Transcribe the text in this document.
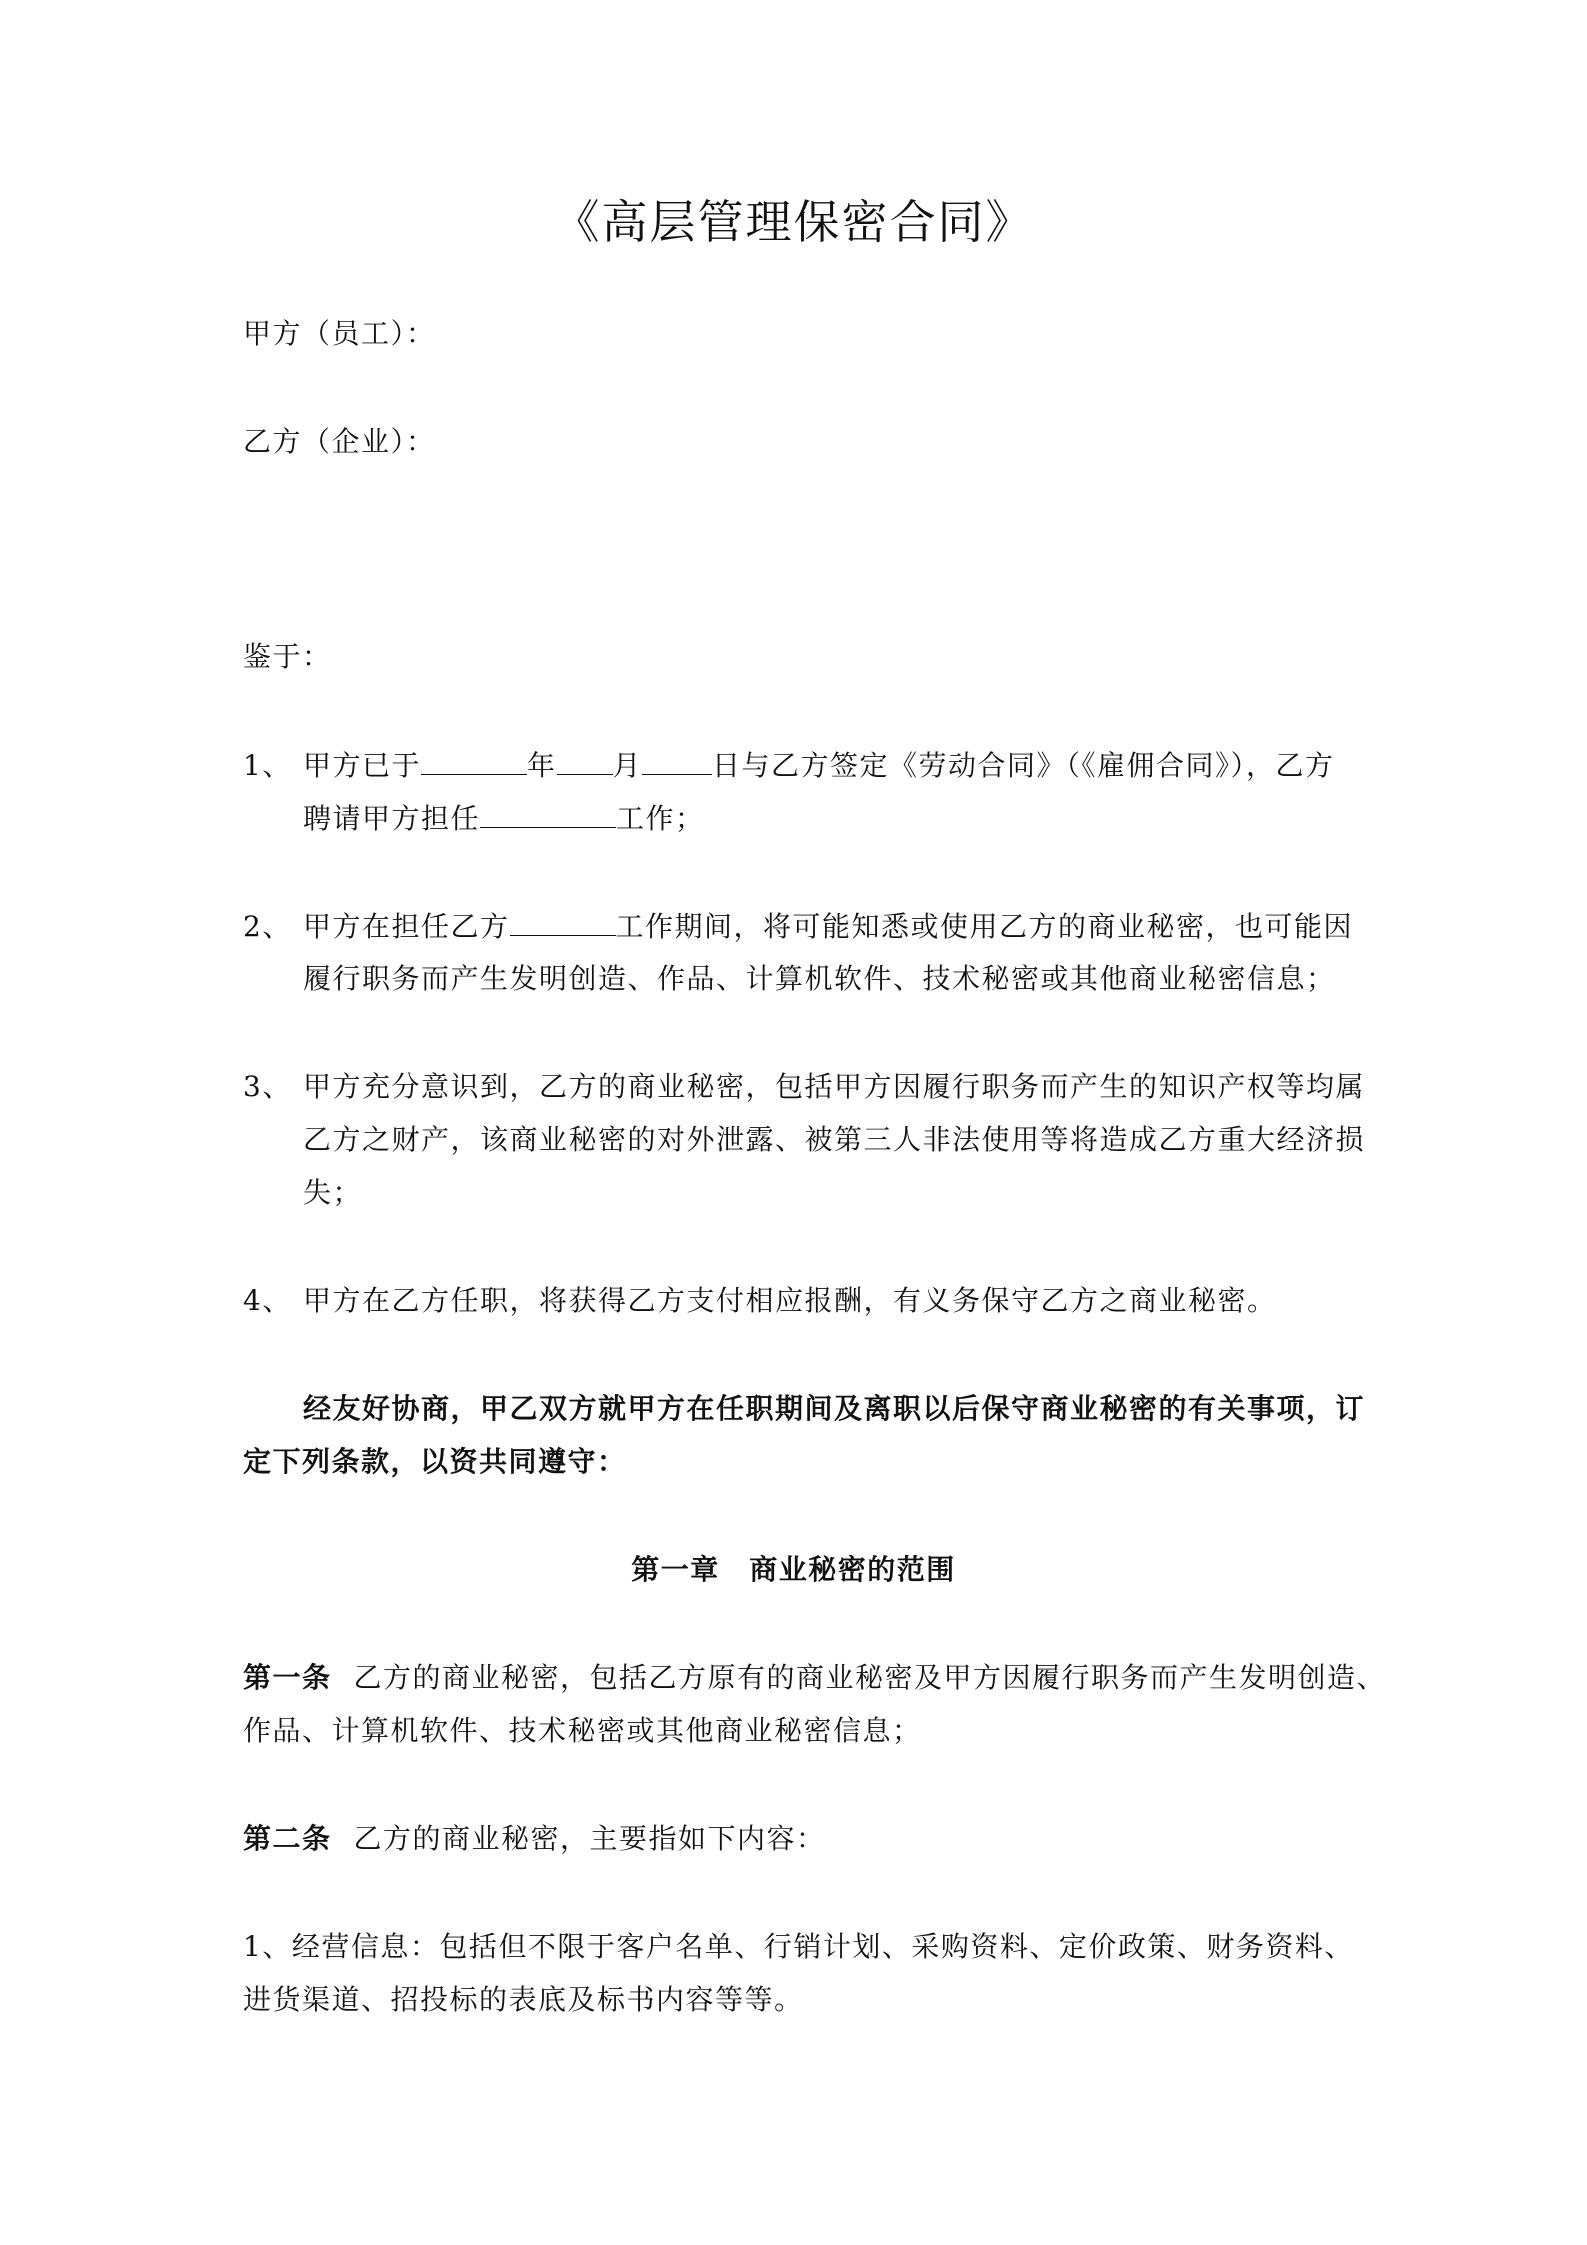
《高层管理保密合同》
甲方（员工）：
乙方（企业）：
鉴于：
1、 甲方已于	年 月	日与乙方签定《劳动合同》（《雇佣合同》），乙方
聘请甲方担任	工作；
2、 甲方在担任乙方	工作期间，将可能知悉或使用乙方的商业秘密，也可能因
履行职务而产生发明创造、作品、计算机软件、技术秘密或其他商业秘密信息；
3、 甲方充分意识到，乙方的商业秘密，包括甲方因履行职务而产生的知识产权等均属
乙方之财产，该商业秘密的对外泄露、被第三人非法使用等将造成乙方重大经济损
失；
4、 甲方在乙方任职，将获得乙方支付相应报酬，有义务保守乙方之商业秘密。
经友好协商，甲乙双方就甲方在任职期间及离职以后保守商业秘密的有关事项，订
定下列条款，以资共同遵守：
第一章　商业秘密的范围
第一条 乙方的商业秘密，包括乙方原有的商业秘密及甲方因履行职务而产生发明创造、
作品、计算机软件、技术秘密或其他商业秘密信息；
第二条 乙方的商业秘密，主要指如下内容：
1、经营信息：包括但不限于客户名单、行销计划、采购资料、定价政策、财务资料、
进货渠道、招投标的表底及标书内容等等。
